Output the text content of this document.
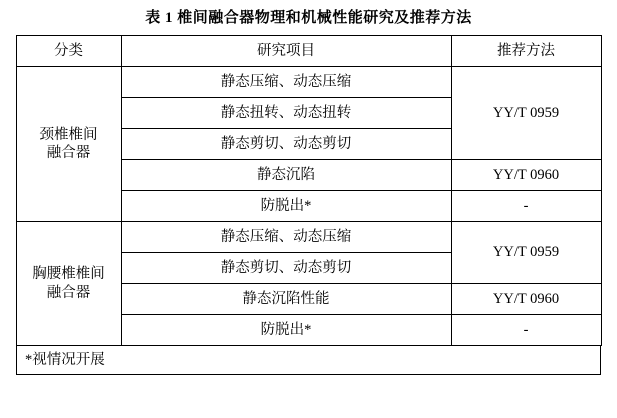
表 1 椎间融合器物理和机械性能研究及推荐方法
分类	研究项目	推荐方法
颈椎椎间
融合器	静态压缩、动态压缩	YY/T 0959
	静态扭转、动态扭转	
	静态剪切、动态剪切	
	静态沉陷	YY/T 0960
	防脱出*	-
胸腰椎椎间
融合器	静态压缩、动态压缩	YY/T 0959
	静态剪切、动态剪切	
	静态沉陷性能	YY/T 0960
	防脱出*	-
*视情况开展
